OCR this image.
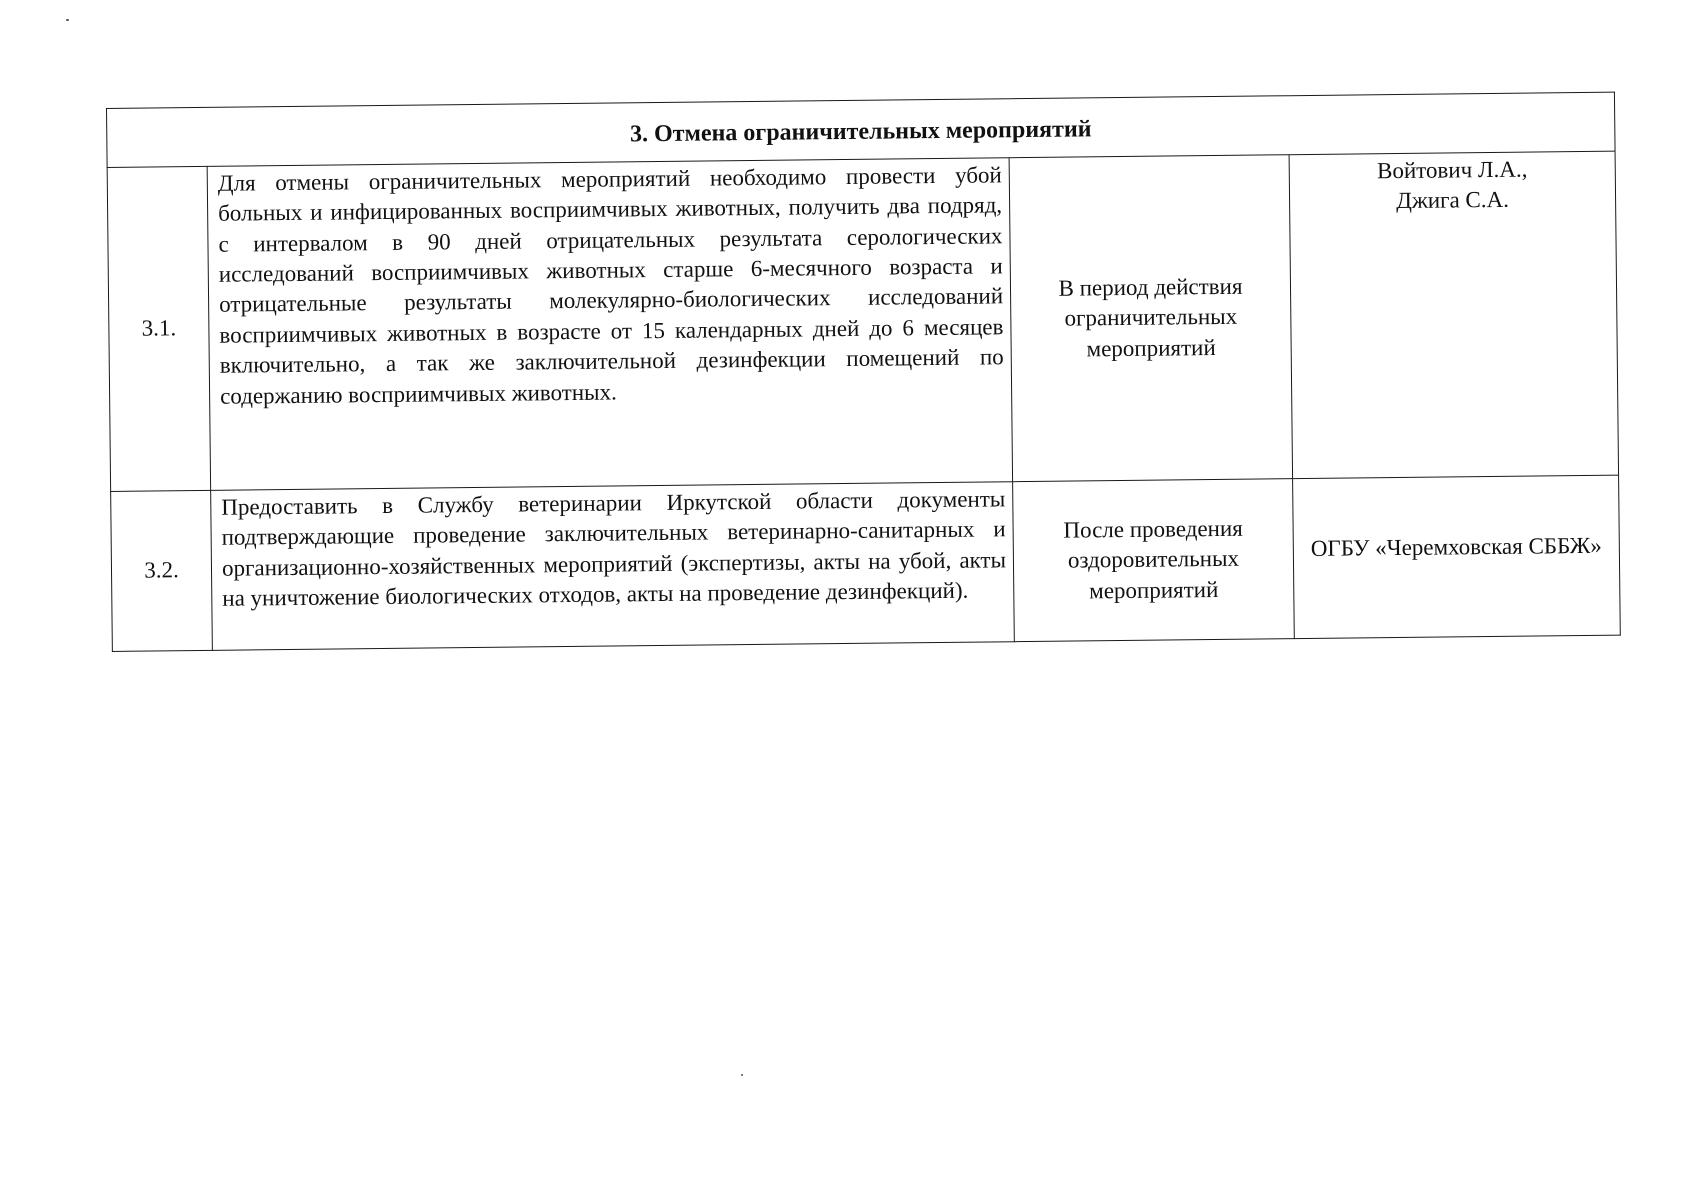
3. Отмена ограничительных мероприятий			
3.1.	Для отмены ограничительных мероприятий необходимо провести убой больных и инфицированных восприимчивых животных, получить два подряд, с интервалом в 90 дней отрицательных результата серологических исследований восприимчивых животных старше 6-месячного возраста и отрицательные результаты молекулярно-биологических исследований восприимчивых животных в возрасте от 15 календарных дней до 6 месяцев включительно, а так же заключительной дезинфекции помещений по содержанию восприимчивых животных.	В период действия ограничительных мероприятий	Войтович Л.А.,
Джига С.А.

3.2.	Предоставить в Службу ветеринарии Иркутской области документы подтверждающие проведение заключительных ветеринарно-санитарных и организационно-хозяйственных мероприятий (экспертизы, акты на убой, акты на уничтожение биологических отходов, акты на проведение дезинфекций).	После проведения оздоровительных мероприятий	ОГБУ «Черемховская СББЖ»
